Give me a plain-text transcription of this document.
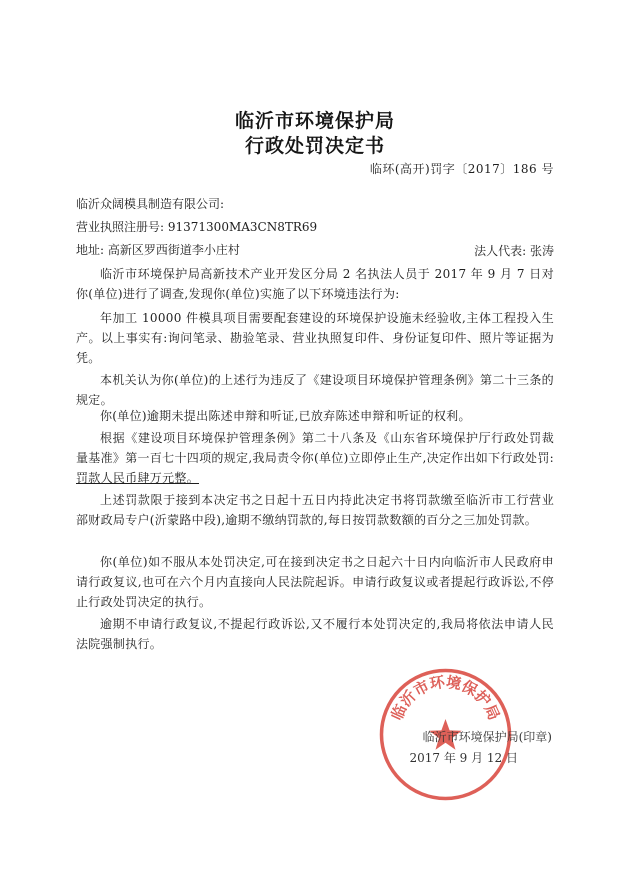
临沂市环境保护局
行政处罚决定书
临环(高开)罚字〔2017〕186 号
临沂众阔模具制造有限公司:
营业执照注册号: 91371300MA3CN8TR69
地址: 高新区罗西街道李小庄村	法人代表: 张涛
临沂市环境保护局高新技术产业开发区分局 2 名执法人员于 2017 年 9 月 7 日对你(单位)进行了调查,发现你(单位)实施了以下环境违法行为:
年加工 10000 件模具项目需要配套建设的环境保护设施未经验收,主体工程投入生产。以上事实有:询问笔录、勘验笔录、营业执照复印件、身份证复印件、照片等证据为凭。
本机关认为你(单位)的上述行为违反了《建设项目环境保护管理条例》第二十三条的规定。
你(单位)逾期未提出陈述申辩和听证,已放弃陈述申辩和听证的权利。
根据《建设项目环境保护管理条例》第二十八条及《山东省环境保护厅行政处罚裁量基准》第一百七十四项的规定,我局责令你(单位)立即停止生产,决定作出如下行政处罚:罚款人民币肆万元整。
上述罚款限于接到本决定书之日起十五日内持此决定书将罚款缴至临沂市工行营业部财政局专户(沂蒙路中段),逾期不缴纳罚款的,每日按罚款数额的百分之三加处罚款。
你(单位)如不服从本处罚决定,可在接到决定书之日起六十日内向临沂市人民政府申请行政复议,也可在六个月内直接向人民法院起诉。申请行政复议或者提起行政诉讼,不停止行政处罚决定的执行。
逾期不申请行政复议,不提起行政诉讼,又不履行本处罚决定的,我局将依法申请人民法院强制执行。
临沂市环境保护局
临沂市环境保护局(印章)
2017 年 9 月 12 日
